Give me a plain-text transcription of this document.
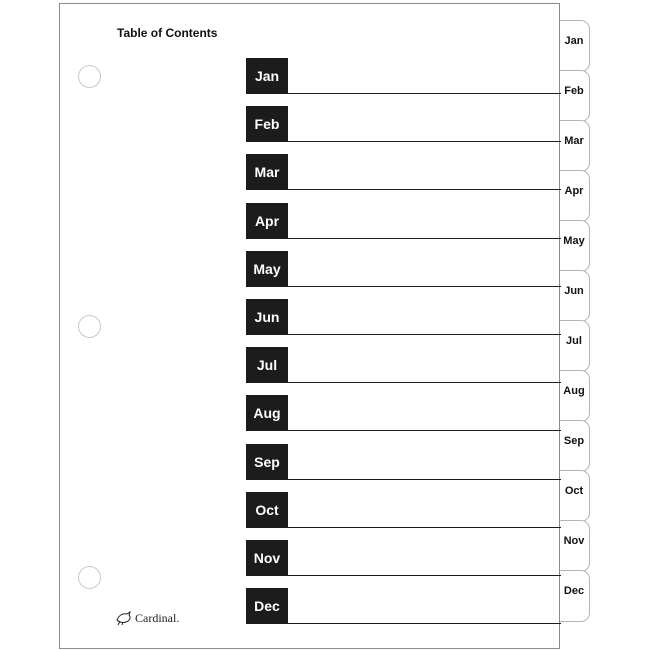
Jan
Feb
Mar
Apr
May
Jun
Jul
Aug
Sep
Oct
Nov
Dec
Table of Contents
Jan
Feb
Mar
Apr
May
Jun
Jul
Aug
Sep
Oct
Nov
Dec
Cardinal.
